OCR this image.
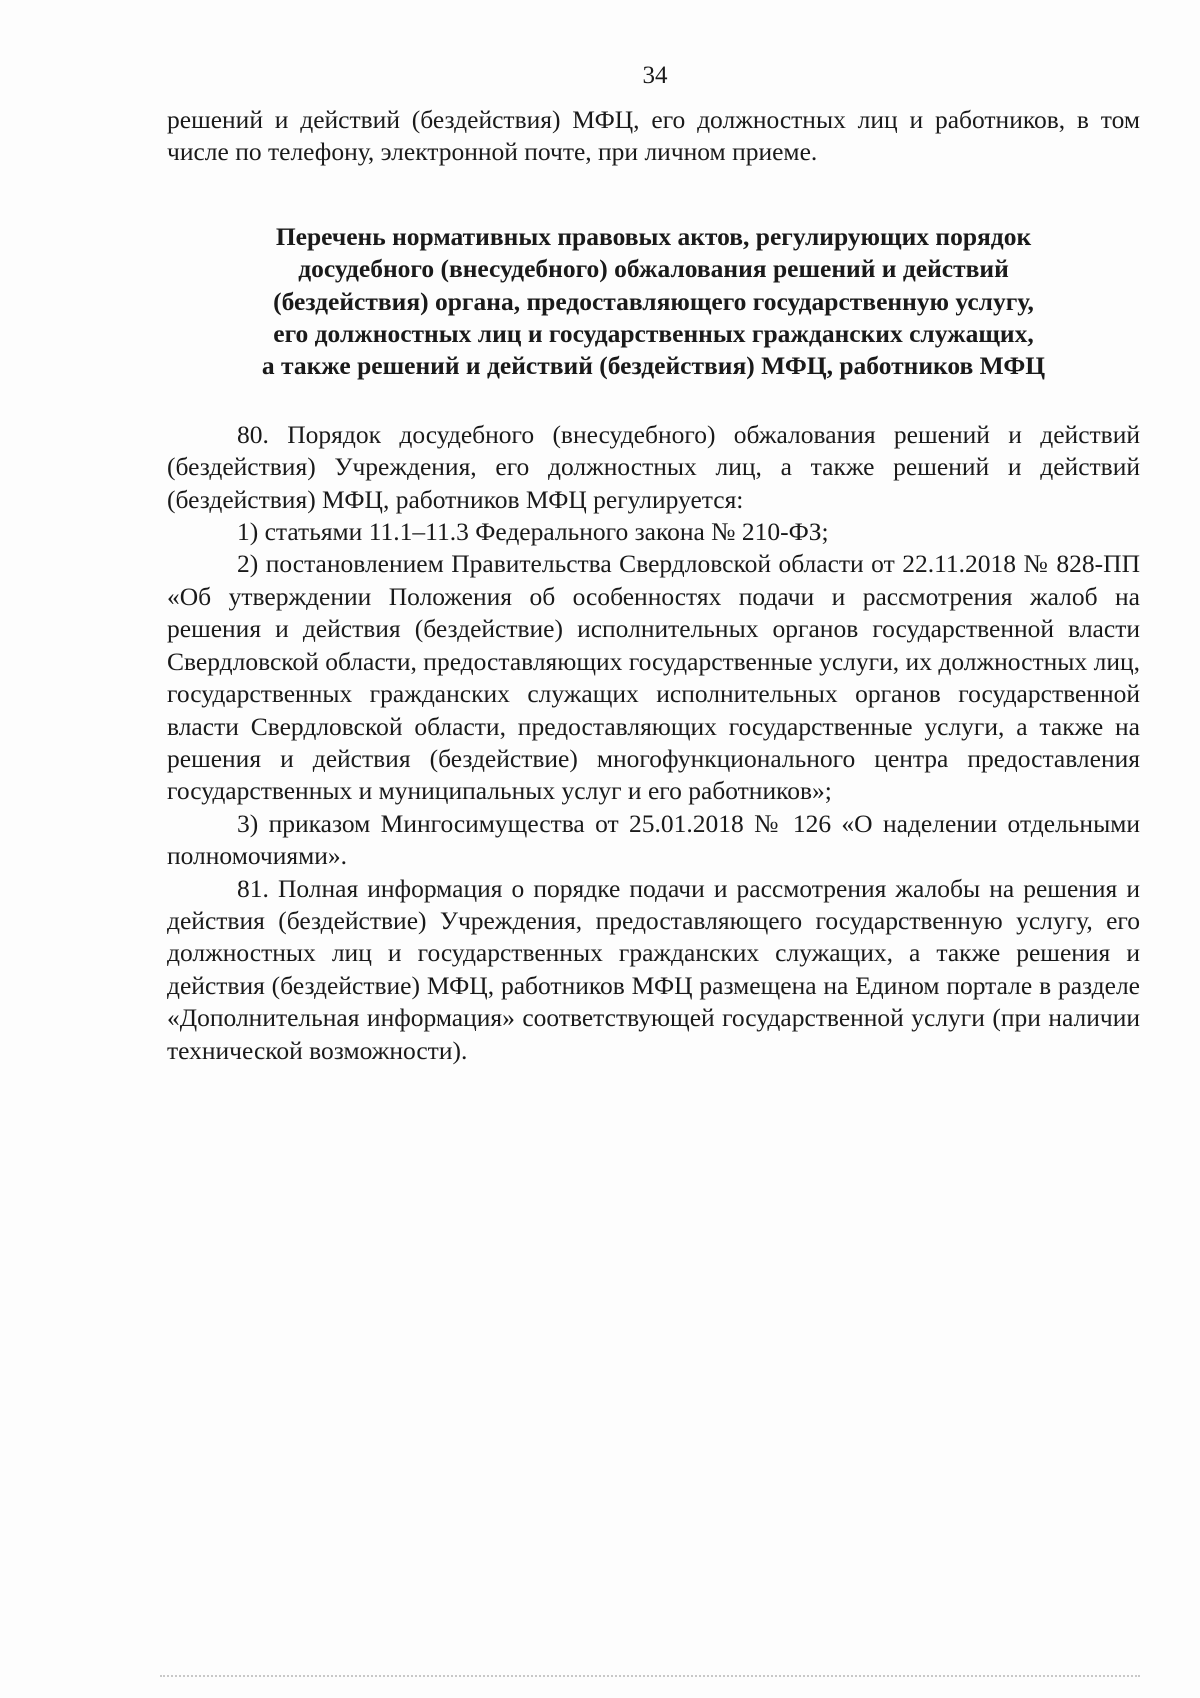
34

решений и действий (бездействия) МФЦ, его должностных лиц и работников, в том числе по телефону, электронной почте, при личном приеме.

Перечень нормативных правовых актов, регулирующих порядок
досудебного (внесудебного) обжалования решений и действий
(бездействия) органа, предоставляющего государственную услугу,
его должностных лиц и государственных гражданских служащих,
а также решений и действий (бездействия) МФЦ, работников МФЦ

80. Порядок досудебного (внесудебного) обжалования решений и действий (бездействия) Учреждения, его должностных лиц, а также решений и действий (бездействия) МФЦ, работников МФЦ регулируется:

1) статьями 11.1–11.3 Федерального закона № 210-ФЗ;

2) постановлением Правительства Свердловской области от 22.11.2018 № 828-ПП «Об утверждении Положения об особенностях подачи и рассмотрения жалоб на решения и действия (бездействие) исполнительных органов государственной власти Свердловской области, предоставляющих государственные услуги, их должностных лиц, государственных гражданских служащих исполнительных органов государственной власти Свердловской области, предоставляющих государственные услуги, а также на решения и действия (бездействие) многофункционального центра предоставления государственных и муниципальных услуг и его работников»;

3) приказом Мингосимущества от 25.01.2018 № 126 «О наделении отдельными полномочиями».

81. Полная информация о порядке подачи и рассмотрения жалобы на решения и действия (бездействие) Учреждения, предоставляющего государственную услугу, его должностных лиц и государственных гражданских служащих, а также решения и действия (бездействие) МФЦ, работников МФЦ размещена на Едином портале в разделе «Дополнительная информация» соответствующей государственной услуги (при наличии технической возможности).
